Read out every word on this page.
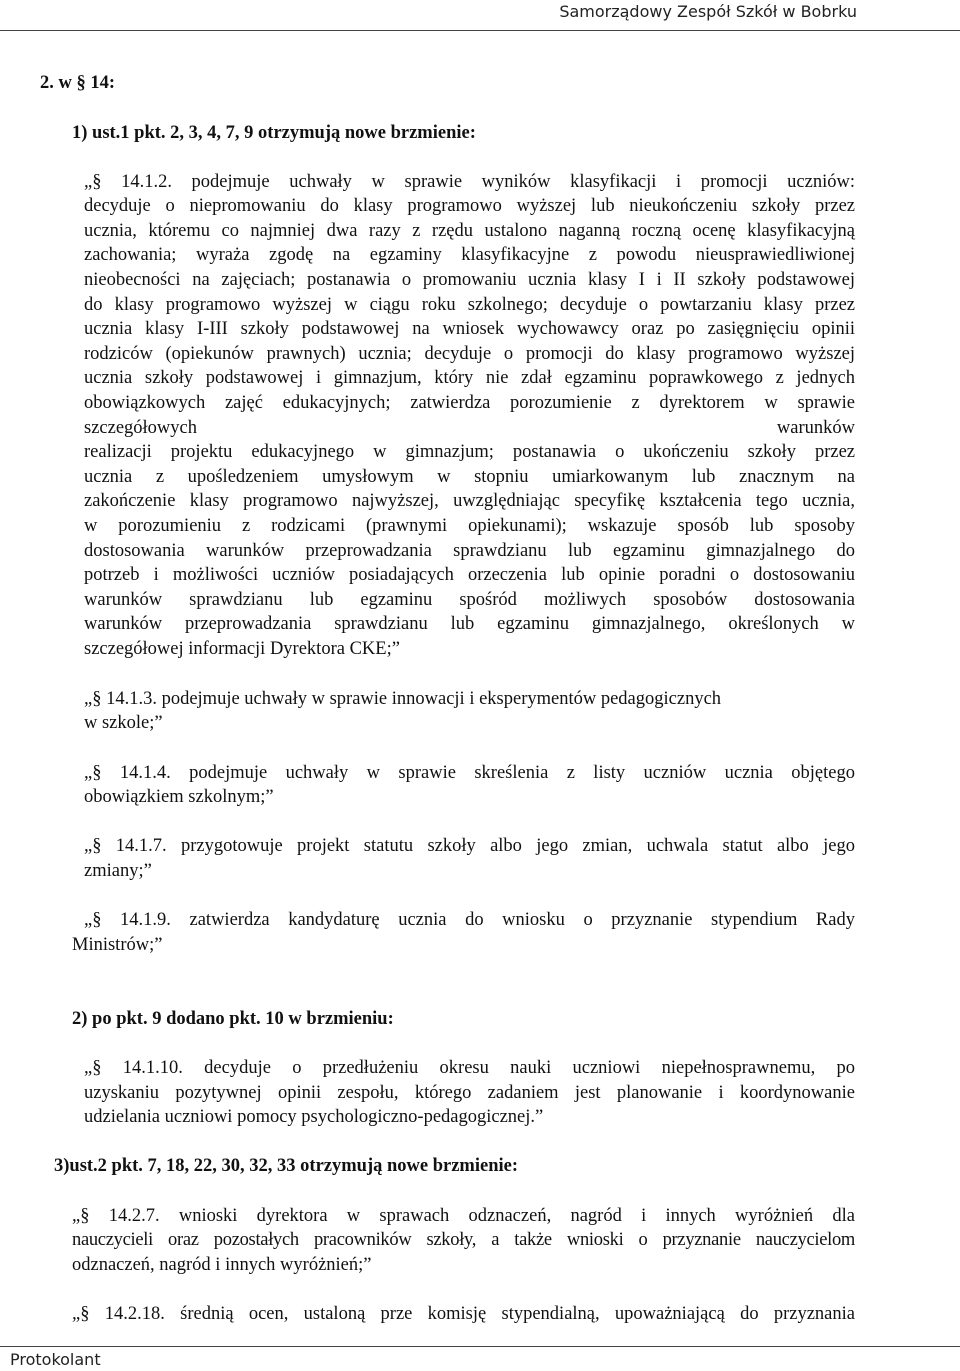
Samorządowy Zespół Szkół w Bobrku
2. w § 14:
1) ust.1 pkt. 2, 3, 4, 7, 9 otrzymują nowe brzmienie:
„§ 14.1.2. podejmuje uchwały w sprawie wyników klasyfikacji i promocji uczniów:
decyduje o niepromowaniu do klasy programowo wyższej lub nieukończeniu szkoły przez
ucznia, któremu co najmniej dwa razy z rzędu ustalono naganną roczną ocenę klasyfikacyjną
zachowania; wyraża zgodę na egzaminy klasyfikacyjne z powodu nieusprawiedliwionej
nieobecności na zajęciach; postanawia o promowaniu ucznia klasy I i II szkoły podstawowej
do klasy programowo wyższej w ciągu roku szkolnego; decyduje o powtarzaniu klasy przez
ucznia klasy I-III szkoły podstawowej na wniosek wychowawcy oraz po zasięgnięciu opinii
rodziców (opiekunów prawnych) ucznia; decyduje o promocji do klasy programowo wyższej
ucznia szkoły podstawowej i gimnazjum, który nie zdał egzaminu poprawkowego z jednych
obowiązkowych zajęć edukacyjnych; zatwierdza porozumienie z dyrektorem w sprawie
szczegółowych warunków
realizacji projektu edukacyjnego w gimnazjum; postanawia o ukończeniu szkoły przez
ucznia z upośledzeniem umysłowym w stopniu umiarkowanym lub znacznym na
zakończenie klasy programowo najwyższej, uwzględniając specyfikę kształcenia tego ucznia,
w porozumieniu z rodzicami (prawnymi opiekunami); wskazuje sposób lub sposoby
dostosowania warunków przeprowadzania sprawdzianu lub egzaminu gimnazjalnego do
potrzeb i możliwości uczniów posiadających orzeczenia lub opinie poradni o dostosowaniu
warunków sprawdzianu lub egzaminu spośród możliwych sposobów dostosowania
warunków przeprowadzania sprawdzianu lub egzaminu gimnazjalnego, określonych w
szczegółowej informacji Dyrektora CKE;”
„§ 14.1.3. podejmuje uchwały w sprawie innowacji i eksperymentów pedagogicznych
w szkole;”
„§ 14.1.4. podejmuje uchwały w sprawie skreślenia z listy uczniów ucznia objętego
obowiązkiem szkolnym;”
„§ 14.1.7. przygotowuje projekt statutu szkoły albo jego zmian, uchwala statut albo jego
zmiany;”
„§ 14.1.9. zatwierdza kandydaturę ucznia do wniosku o przyznanie stypendium Rady
Ministrów;”
2) po pkt. 9 dodano pkt. 10 w brzmieniu:
„§ 14.1.10. decyduje o przedłużeniu okresu nauki uczniowi niepełnosprawnemu, po
uzyskaniu pozytywnej opinii zespołu, którego zadaniem jest planowanie i koordynowanie
udzielania uczniowi pomocy psychologiczno-pedagogicznej.”
3)ust.2 pkt. 7, 18, 22, 30, 32, 33 otrzymują nowe brzmienie:
„§ 14.2.7. wnioski dyrektora w sprawach odznaczeń, nagród i innych wyróżnień dla
nauczycieli oraz pozostałych pracowników szkoły, a także wnioski o przyznanie nauczycielom
odznaczeń, nagród i innych wyróżnień;”
„§ 14.2.18. średnią ocen, ustaloną prze komisję stypendialną, upoważniającą do przyznania
Protokolant
